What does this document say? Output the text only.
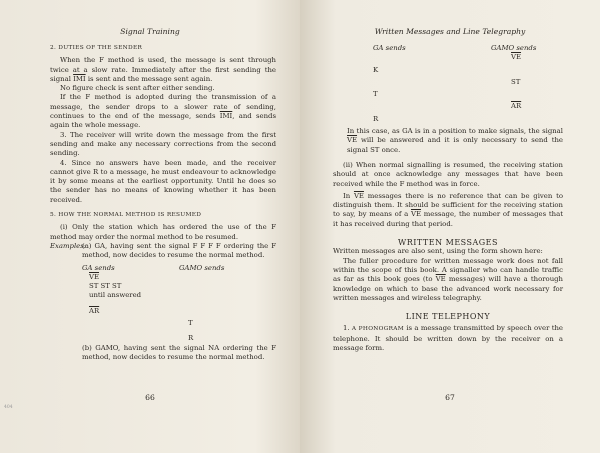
Signal Training

2. DUTIES OF THE SENDER

When the F method is used, the message is sent through twice at a slow rate. Immediately after the first sending the signal $\overline{IMI}$ is sent and the message sent again.

No figure check is sent after either sending.

If the F method is adopted during the transmission of a message, the sender drops to a slower rate of sending, continues to the end of the message, sends $\overline{IMI}$, and sends again the whole message.

3. The receiver will write down the message from the first sending and make any necessary corrections from the second sending.

4. Since no answers have been made, and the receiver cannot give R to a message, he must endeavour to acknowledge it by some means at the earliest opportunity. Until he does so the sender has no means of knowing whether it has been received.

5. HOW THE NORMAL METHOD IS RESUMED

(i) Only the station which has ordered the use of the F method may order the normal method to be resumed.

Examples:

(a) GA, having sent the signal F F F F ordering the F method, now decides to resume the normal method.

GA sends	GAMO sends
$\overline{VE}$
ST ST ST
until answered
$\overline{AR}$
T
R

(b) GAMO, having sent the signal NA ordering the F method, now decides to resume the normal method.

66
404
Written Messages and Line Telegraphy
GA sends	GAMO sends
$\overline{VE}$
K
ST
T
$\overline{AR}$
R

In this case, as GA is in a position to make signals, the signal $\overline{VE}$ will be answered and it is only necessary to send the signal ST once.

(ii) When normal signalling is resumed, the receiving station should at once acknowledge any messages that have been received while the F method was in force.

In $\overline{VE}$ messages there is no reference that can be given to distinguish them. It should be sufficient for the receiving station to say, by means of a $\overline{VE}$ message, the number of messages that it has received during that period.

WRITTEN MESSAGES

Written messages are also sent, using the form shown here:

The fuller procedure for written message work does not fall within the scope of this book. A signaller who can handle traffic as far as this book goes (to $\overline{VE}$ messages) will have a thorough knowledge on which to base the advanced work necessary for written messages and wireless telegraphy.

LINE TELEPHONY

1. A PHONOGRAM is a message transmitted by speech over the telephone. It should be written down by the receiver on a message form.

67
